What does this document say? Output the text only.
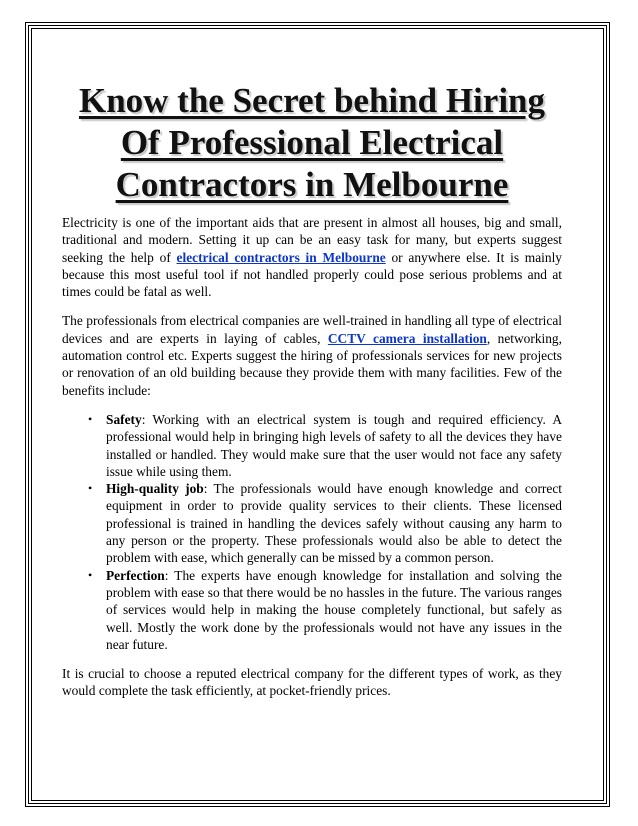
Know the Secret behind Hiring Of Professional Electrical Contractors in Melbourne

Electricity is one of the important aids that are present in almost all houses, big and small, traditional and modern. Setting it up can be an easy task for many, but experts suggest seeking the help of electrical contractors in Melbourne or anywhere else. It is mainly because this most useful tool if not handled properly could pose serious problems and at times could be fatal as well.

The professionals from electrical companies are well-trained in handling all type of electrical devices and are experts in laying of cables, CCTV camera installation, networking, automation control etc. Experts suggest the hiring of professionals services for new projects or renovation of an old building because they provide them with many facilities. Few of the benefits include:

• Safety: Working with an electrical system is tough and required efficiency. A professional would help in bringing high levels of safety to all the devices they have installed or handled. They would make sure that the user would not face any safety issue while using them.
• High-quality job: The professionals would have enough knowledge and correct equipment in order to provide quality services to their clients. These licensed professional is trained in handling the devices safely without causing any harm to any person or the property. These professionals would also be able to detect the problem with ease, which generally can be missed by a common person.
• Perfection: The experts have enough knowledge for installation and solving the problem with ease so that there would be no hassles in the future. The various ranges of services would help in making the house completely functional, but safely as well. Mostly the work done by the professionals would not have any issues in the near future.

It is crucial to choose a reputed electrical company for the different types of work, as they would complete the task efficiently, at pocket-friendly prices.
